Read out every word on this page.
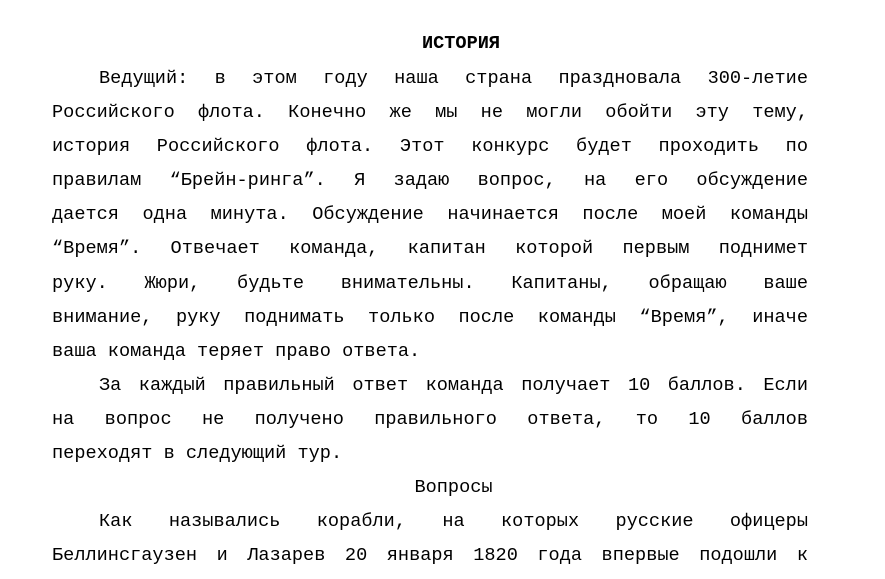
ИСТОРИЯ
Ведущий: в этом году наша страна праздновала 300-летие
Российского флота. Конечно же мы не могли обойти эту тему,
история Российского флота. Этот конкурс будет проходить по
правилам “Брейн-ринга”. Я задаю вопрос, на его обсуждение
дается одна минута. Обсуждение начинается после моей команды
“Время”. Отвечает команда, капитан которой первым поднимет
руку. Жюри, будьте внимательны. Капитаны, обращаю ваше
внимание, руку поднимать только после команды “Время”, иначе
ваша команда теряет право ответа.
За каждый правильный ответ команда получает 10 баллов. Если
на вопрос не получено правильного ответа, то 10 баллов
переходят в следующий тур.
Вопросы
Как назывались корабли, на которых русские офицеры
Беллинсгаузен и Лазарев 20 января 1820 года впервые подошли к
